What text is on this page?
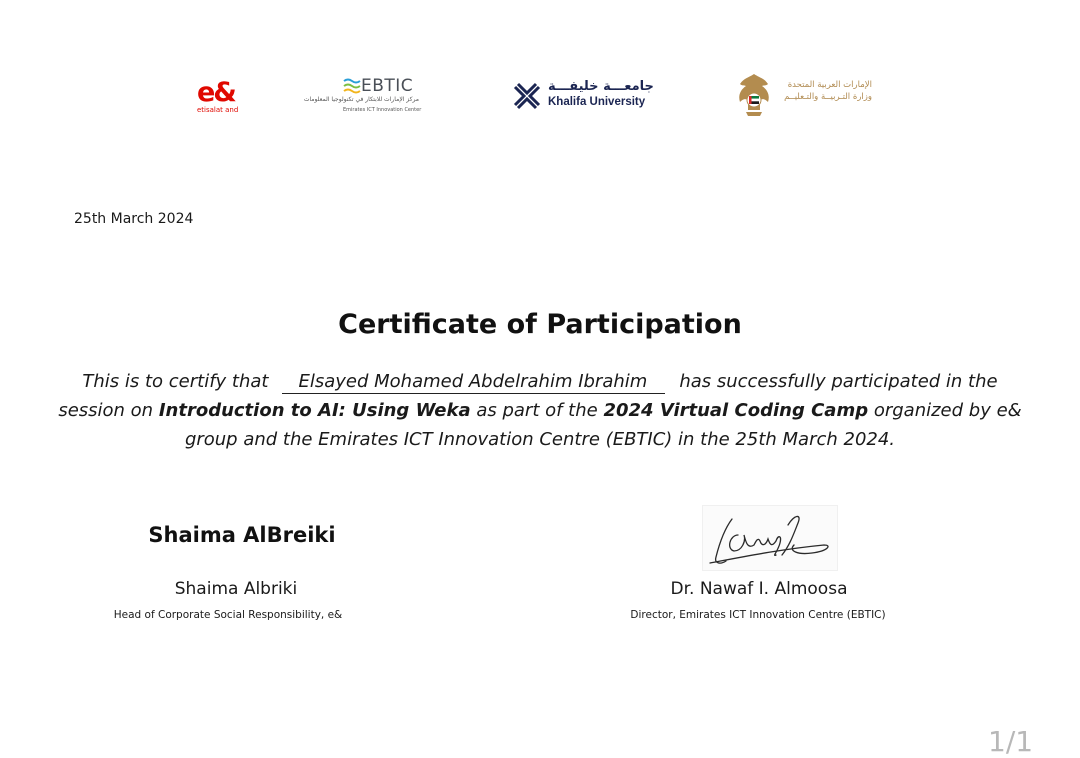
e&
etisalat and
EBTIC
مركز الإمارات للابتكار في تكنولوجيا المعلومات
Emirates ICT Innovation Center
جامعـــة خليفـــة
Khalifa University
الإمارات العربية المتحدة
وزارة التـربيــة والتـعليــم
25th March 2024
Certificate of Participation
This is to certify that Elsayed Mohamed Abdelrahim Ibrahim has successfully participated in the session on Introduction to AI: Using Weka as part of the 2024 Virtual Coding Camp organized by e& group and the Emirates ICT Innovation Centre (EBTIC) in the 25th March 2024.
Shaima AlBreiki
Shaima Albriki
Head of Corporate Social Responsibility, e&
Dr. Nawaf I. Almoosa
Director, Emirates ICT Innovation Centre (EBTIC)
1/1
